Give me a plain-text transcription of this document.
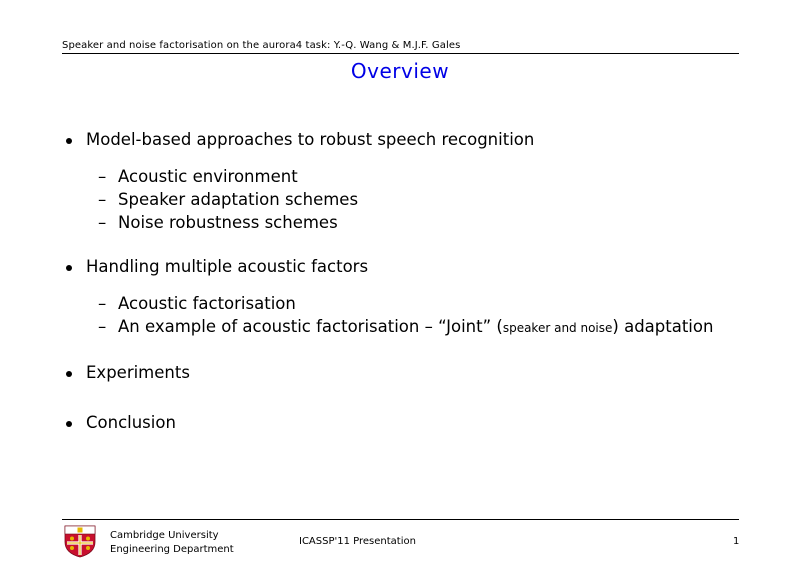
Speaker and noise factorisation on the aurora4 task: Y.-Q. Wang & M.J.F. Gales
Overview
Model-based approaches to robust speech recognition
– Acoustic environment
– Speaker adaptation schemes
– Noise robustness schemes
Handling multiple acoustic factors
– Acoustic factorisation
– An example of acoustic factorisation – “Joint” (speaker and noise) adaptation
Experiments
Conclusion
Cambridge University
Engineering Department
ICASSP'11 Presentation	1
